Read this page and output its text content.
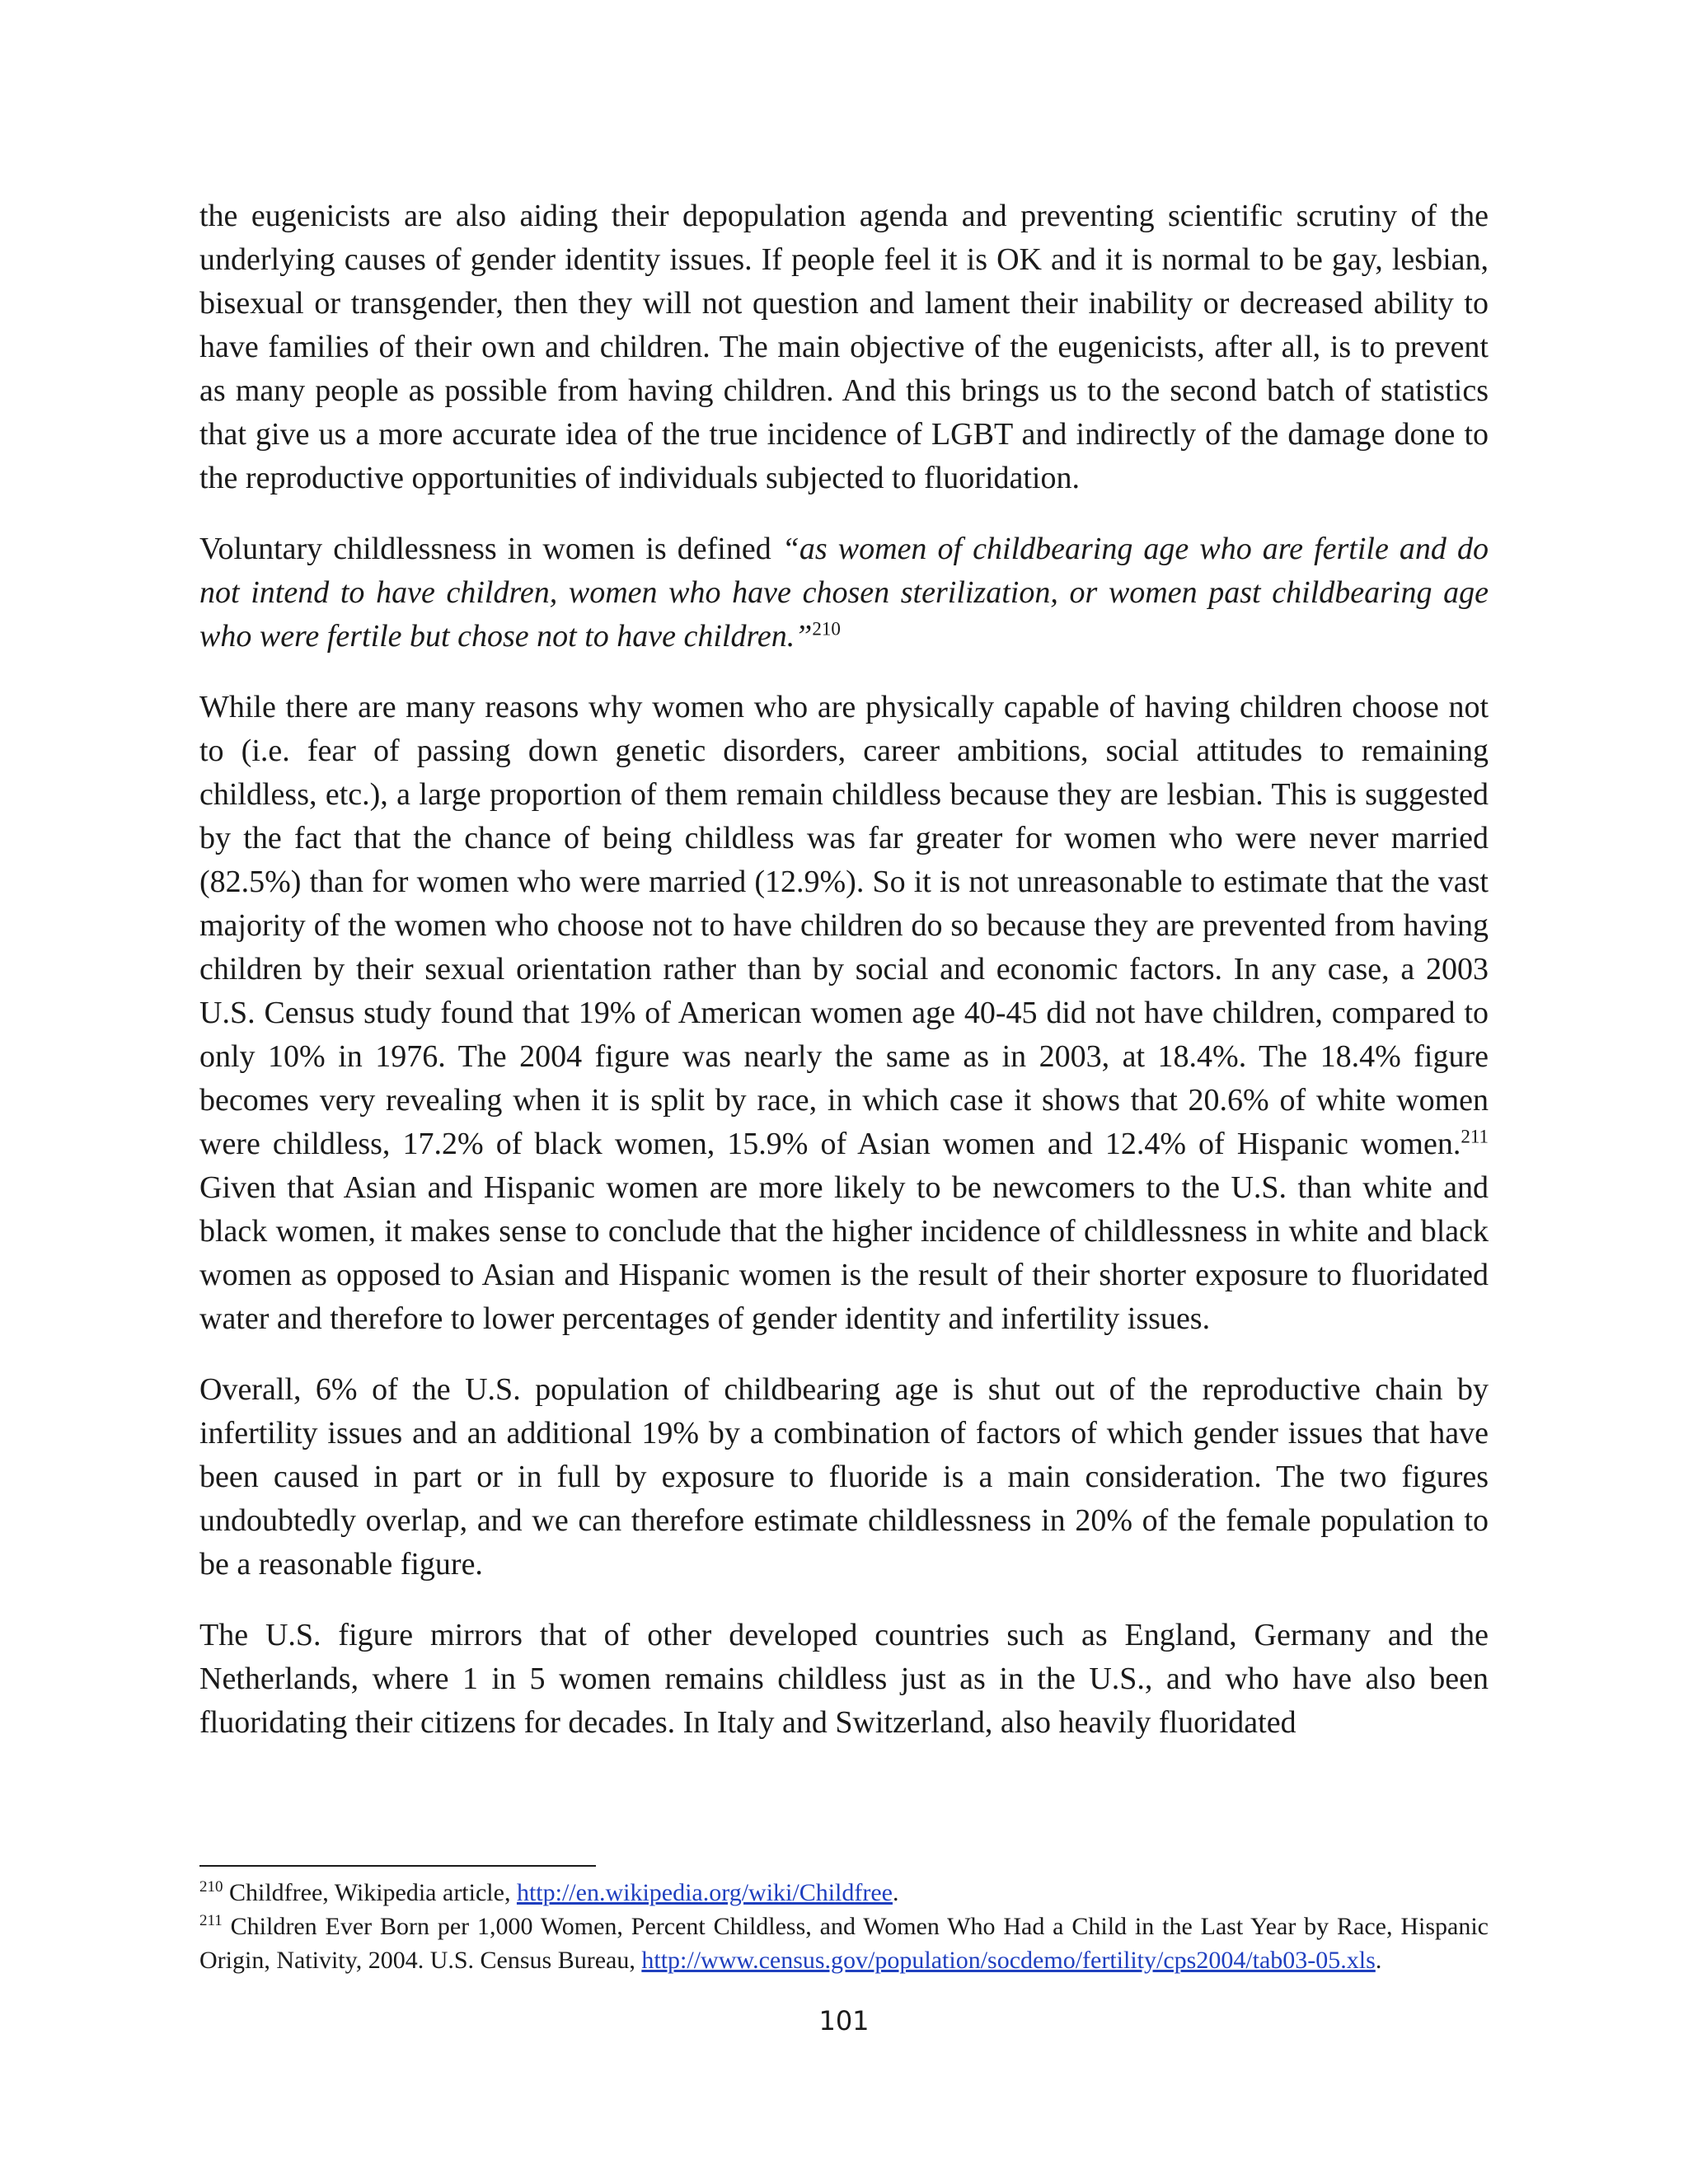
the eugenicists are also aiding their depopulation agenda and preventing scientific scrutiny of the underlying causes of gender identity issues. If people feel it is OK and it is normal to be gay, lesbian, bisexual or transgender, then they will not question and lament their inability or decreased ability to have families of their own and children. The main objective of the eugenicists, after all, is to prevent as many people as possible from having children. And this brings us to the second batch of statistics that give us a more accurate idea of the true incidence of LGBT and indirectly of the damage done to the reproductive opportunities of individuals subjected to fluoridation.

Voluntary childlessness in women is defined “as women of childbearing age who are fertile and do not intend to have children, women who have chosen sterilization, or women past childbearing age who were fertile but chose not to have children.”$^{210}$

While there are many reasons why women who are physically capable of having children choose not to (i.e. fear of passing down genetic disorders, career ambitions, social attitudes to remaining childless, etc.), a large proportion of them remain childless because they are lesbian. This is suggested by the fact that the chance of being childless was far greater for women who were never married (82.5%) than for women who were married (12.9%). So it is not unreasonable to estimate that the vast majority of the women who choose not to have children do so because they are prevented from having children by their sexual orientation rather than by social and economic factors. In any case, a 2003 U.S. Census study found that 19% of American women age 40-45 did not have children, compared to only 10% in 1976. The 2004 figure was nearly the same as in 2003, at 18.4%. The 18.4% figure becomes very revealing when it is split by race, in which case it shows that 20.6% of white women were childless, 17.2% of black women, 15.9% of Asian women and 12.4% of Hispanic women.$^{211}$ Given that Asian and Hispanic women are more likely to be newcomers to the U.S. than white and black women, it makes sense to conclude that the higher incidence of childlessness in white and black women as opposed to Asian and Hispanic women is the result of their shorter exposure to fluoridated water and therefore to lower percentages of gender identity and infertility issues.

Overall, 6% of the U.S. population of childbearing age is shut out of the reproductive chain by infertility issues and an additional 19% by a combination of factors of which gender issues that have been caused in part or in full by exposure to fluoride is a main consideration. The two figures undoubtedly overlap, and we can therefore estimate childlessness in 20% of the female population to be a reasonable figure.

The U.S. figure mirrors that of other developed countries such as England, Germany and the Netherlands, where 1 in 5 women remains childless just as in the U.S., and who have also been fluoridating their citizens for decades. In Italy and Switzerland, also heavily fluoridated

$^{210}$ Childfree, Wikipedia article, http://en.wikipedia.org/wiki/Childfree.

$^{211}$ Children Ever Born per 1,000 Women, Percent Childless, and Women Who Had a Child in the Last Year by Race, Hispanic Origin, Nativity, 2004. U.S. Census Bureau, http://www.census.gov/population/socdemo/fertility/cps2004/tab03-05.xls.

101
